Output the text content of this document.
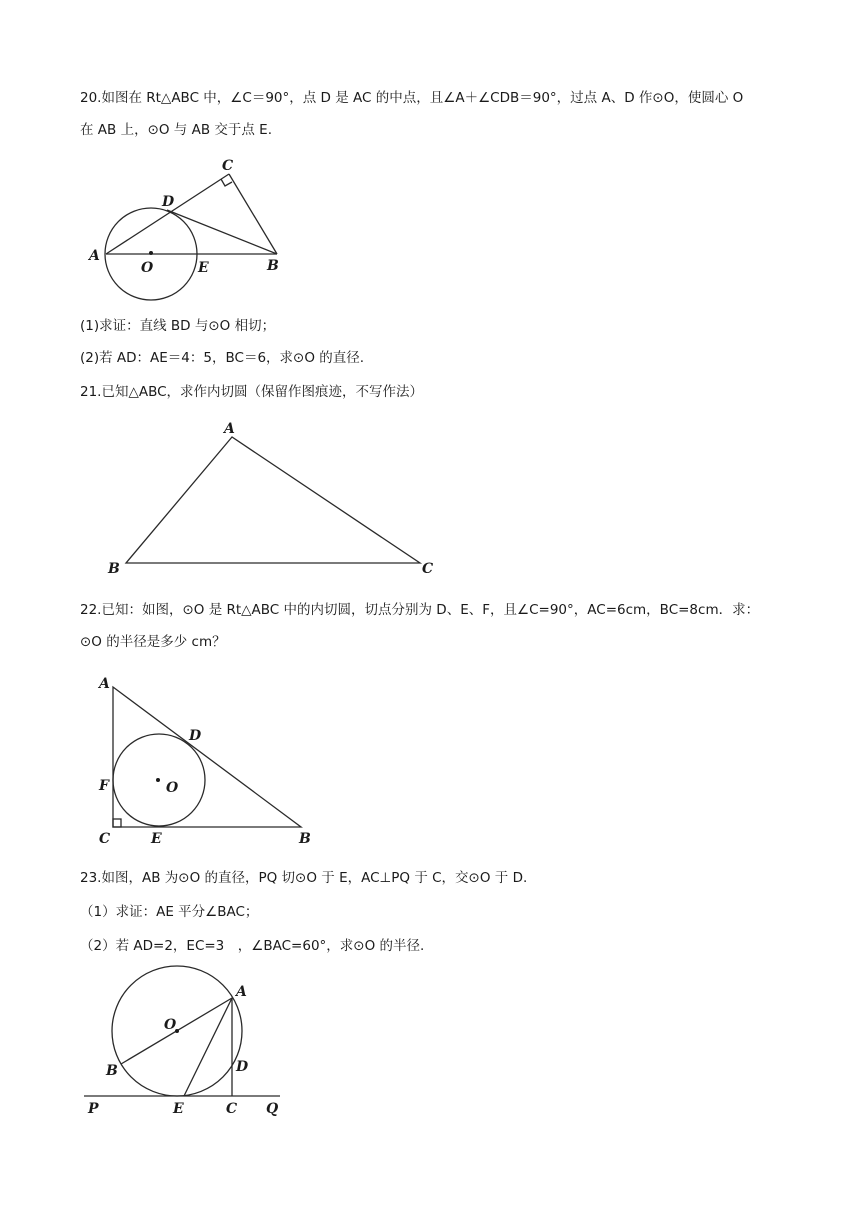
20.如图在 Rt△ABC 中，∠C＝90°，点 D 是 AC 的中点，且∠A＋∠CDB＝90°，过点 A、D 作⊙O，使圆心 O
在 AB 上，⊙O 与 AB 交于点 E.
A
O	E	B
D
C
(1)求证：直线 BD 与⊙O 相切；
(2)若 AD：AE＝4：5，BC＝6，求⊙O 的直径.
21.已知△ABC，求作内切圆（保留作图痕迹，不写作法）
A
B	C
22.已知：如图，⊙O 是 Rt△ABC 中的内切圆，切点分别为 D、E、F，且∠C=90°，AC=6cm，BC=8cm．求：
⊙O 的半径是多少 cm？
A
D
F	O
C	E	B
23.如图，AB 为⊙O 的直径，PQ 切⊙O 于 E，AC⊥PQ 于 C，交⊙O 于 D.
（1）求证：AE 平分∠BAC；
（2）若 AD=2，EC=3　，∠BAC=60°，求⊙O 的半径.
A
O
B	D
P	E	C Q
